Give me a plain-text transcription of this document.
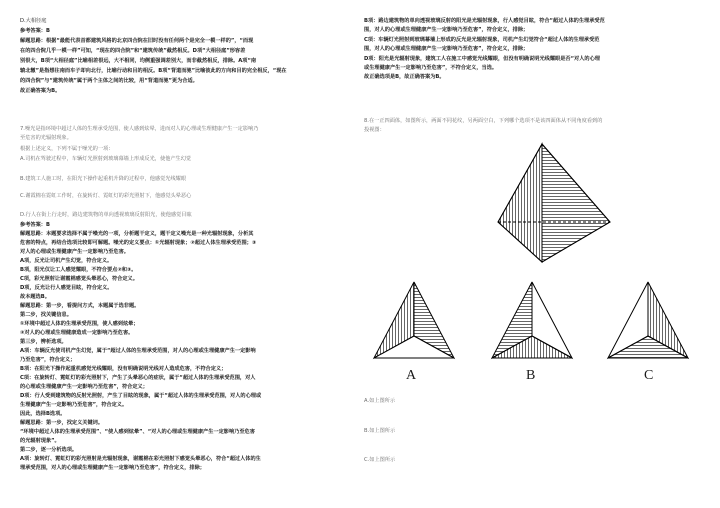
D.大相径庭
参考答案：B
解题思路：根据“最能代表首都建筑风格的北京四合院在旧时没有任何两个是完全一模一样的”，“而现
在的四合院几乎一模一样”可知，“现在的四合院”和“建筑传统”截然相反。D项“大相径庭”形容差
别很大，B项“大相径庭”比喻相差很远，大不相同，均侧重强调差别大，而非截然相反，排除。A项“南
辕北辙”是指想往南而车子却向北行，比喻行动和目的相反。B项“背道而驰”比喻彼此的方向和目的完全相反，“现在
的四合院”与“建筑传统”属于两个主体之间的比较，用“背道而驰”更为合适。
故正确答案为B。
7.噪光是指环境中超过人体的生理承受范围，使人感到炫晕，进而对人的心理或生理健康产生一定影响乃
至危害的光辐射现象。
根据上述定义，下列不属于噪光的一项：
A.司机在驾驶过程中，车辆灯光照射到玻璃幕墙上形成反光，使他产生幻觉
B.建筑工人施工时，在阳光下操作起重机升降的过程中，他感觉光线耀眼
C.谢霞棉在霓虹工作时，在旋转灯、霓虹灯的彩光照射下，他感觉头晕恶心
D.行人在街上行走时，路边建筑物的单向透视玻璃反射阳光，使他感觉目眩
参考答案：B
解题思路：本题要求选择不属于噪光的一项，分析题干定义，题干定义噪光是一种光辐射现象，分析其
危害的特点，再结合选项比较即可解题。噪光的定义要点：①光辐射现象；②超过人体生理承受范围；③
对人的心理或生理健康产生一定影响乃至危害。
A项，反光让司机产生幻觉，符合定义。
B项，阳光仅让工人感觉耀眼，不符合要点②和③。
C项，彩光照射让谢霞棉感觉头晕恶心，符合定义。
D项，反光让行人感觉目眩，符合定义。
故本题选B。
解题思路：第一步，看提问方式，本题属于选非题。
第二步，找关键信息。
①环境中超过人体的生理承受范围，使人感到炫晕；
②对人的心理或生理健康造成一定影响乃至危害。
第三步，辨析选项。
A项：车辆反光使司机产生幻觉，属于“超过人体的生理承受范围，对人的心理或生理健康产生一定影响
乃至危害”，符合定义；
B项：在阳光下操作起重机感觉光线耀眼，没有明确说明光线对人造成危害，不符合定义；
C项：在旋转灯、霓虹灯的彩光照射下，产生了头晕恶心的症状，属于“超过人体的生理承受范围，对人
的心理或生理健康产生一定影响乃至危害”，符合定义；
D项：行人受到建筑物的反射光照射，产生了目眩的现象，属于“超过人体的生理承受范围，对人的心理或
生理健康产生一定影响乃至危害”，符合定义。
因此，选择B选项。
解题思路：第一步，找定义关键词。
“环境中超过人体的生理承受范围”、“使人感到炫晕”、“对人的心理或生理健康产生一定影响乃至危害
的光辐射现象”。
第二步，逐一分析选项。
A项：旋转灯、霓虹灯的彩光照射是光辐射现象，谢霞棉在彩光照射下感觉头晕恶心，符合“超过人体的生
理承受范围，对人的心理或生理健康产生一定影响乃至危害”，符合定义，排除；
B项：路边建筑物的单向透视玻璃反射的阳光是光辐射现象，行人感觉目眩，符合“超过人体的生理承受范
围，对人的心理或生理健康产生一定影响乃至危害”，符合定义，排除；
C项：车辆灯光照射到玻璃幕墙上形成的反光是光辐射现象，司机产生幻觉符合“超过人体的生理承受范
围，对人的心理或生理健康产生一定影响乃至危害”，符合定义，排除；
D项：阳光是光辐射现象，建筑工人在施工中感觉光线耀眼，但没有明确说明光线耀眼是否“对人的心理
或生理健康产生一定影响乃至危害”，不符合定义，当选。
故正确选项是B，故正确答案为B。
8.在一正四面体，如图所示，两面不同花纹，另两面空白，下列哪个选项不是该四面体从不同角度看到的
投视图：
A	B	C
A.如上图所示
B.如上图所示
C.如上图所示
